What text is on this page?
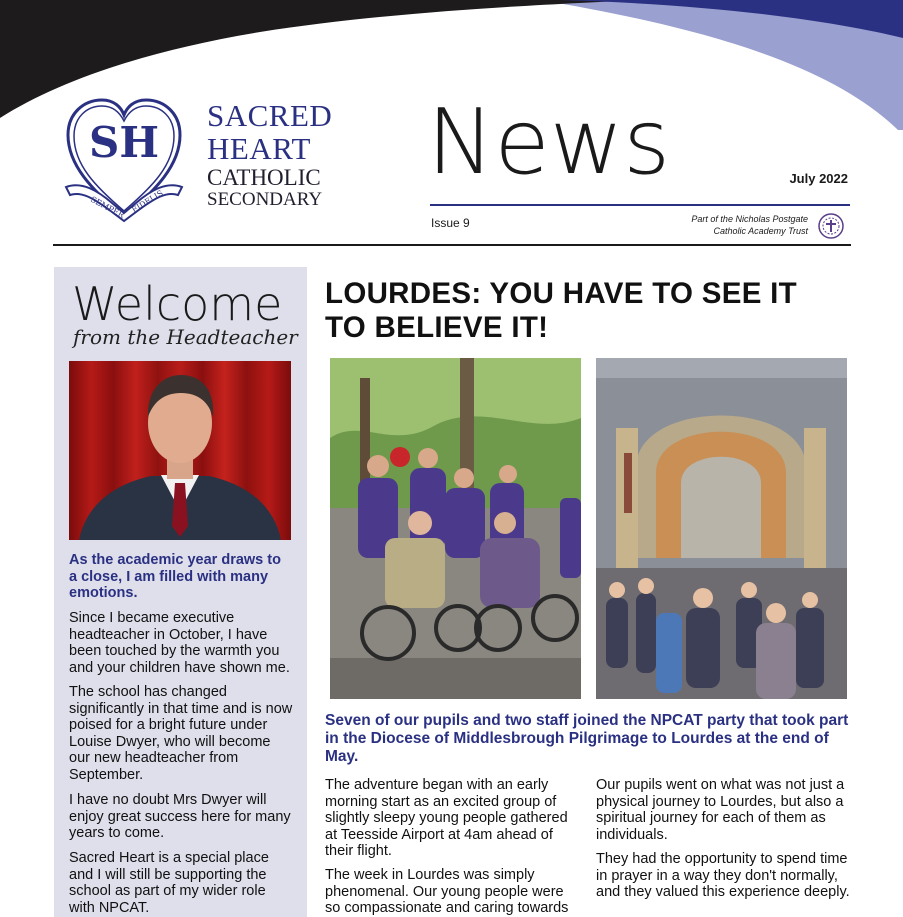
SH
SEMPER FIDELIS
SACRED
HEART
CATHOLIC
SECONDARY
News	July 2022
Issue 9	Part of the Nicholas Postgate
Catholic Academy Trust
Welcome
from the Headteacher
As the academic year draws to a close, I am filled with many emotions.
Since I became executive headteacher in October, I have been touched by the warmth you and your children have shown me.
The school has changed significantly in that time and is now poised for a bright future under Louise Dwyer, who will become our new headteacher from September.
I have no doubt Mrs Dwyer will enjoy great success here for many years to come.
Sacred Heart is a special place and I will still be supporting the school as part of my wider role with NPCAT.
LOURDES: YOU HAVE TO SEE IT
TO BELIEVE IT!
Seven of our pupils and two staff joined the NPCAT party that took part in the Diocese of Middlesbrough Pilgrimage to Lourdes at the end of May.
The adventure began with an early morning start as an excited group of slightly sleepy young people gathered at Teesside Airport at 4am ahead of their flight.
The week in Lourdes was simply phenomenal. Our young people were so compassionate and caring towards
Our pupils went on what was not just a physical journey to Lourdes, but also a spiritual journey for each of them as individuals.
They had the opportunity to spend time in prayer in a way they don't normally, and they valued this experience deeply.
